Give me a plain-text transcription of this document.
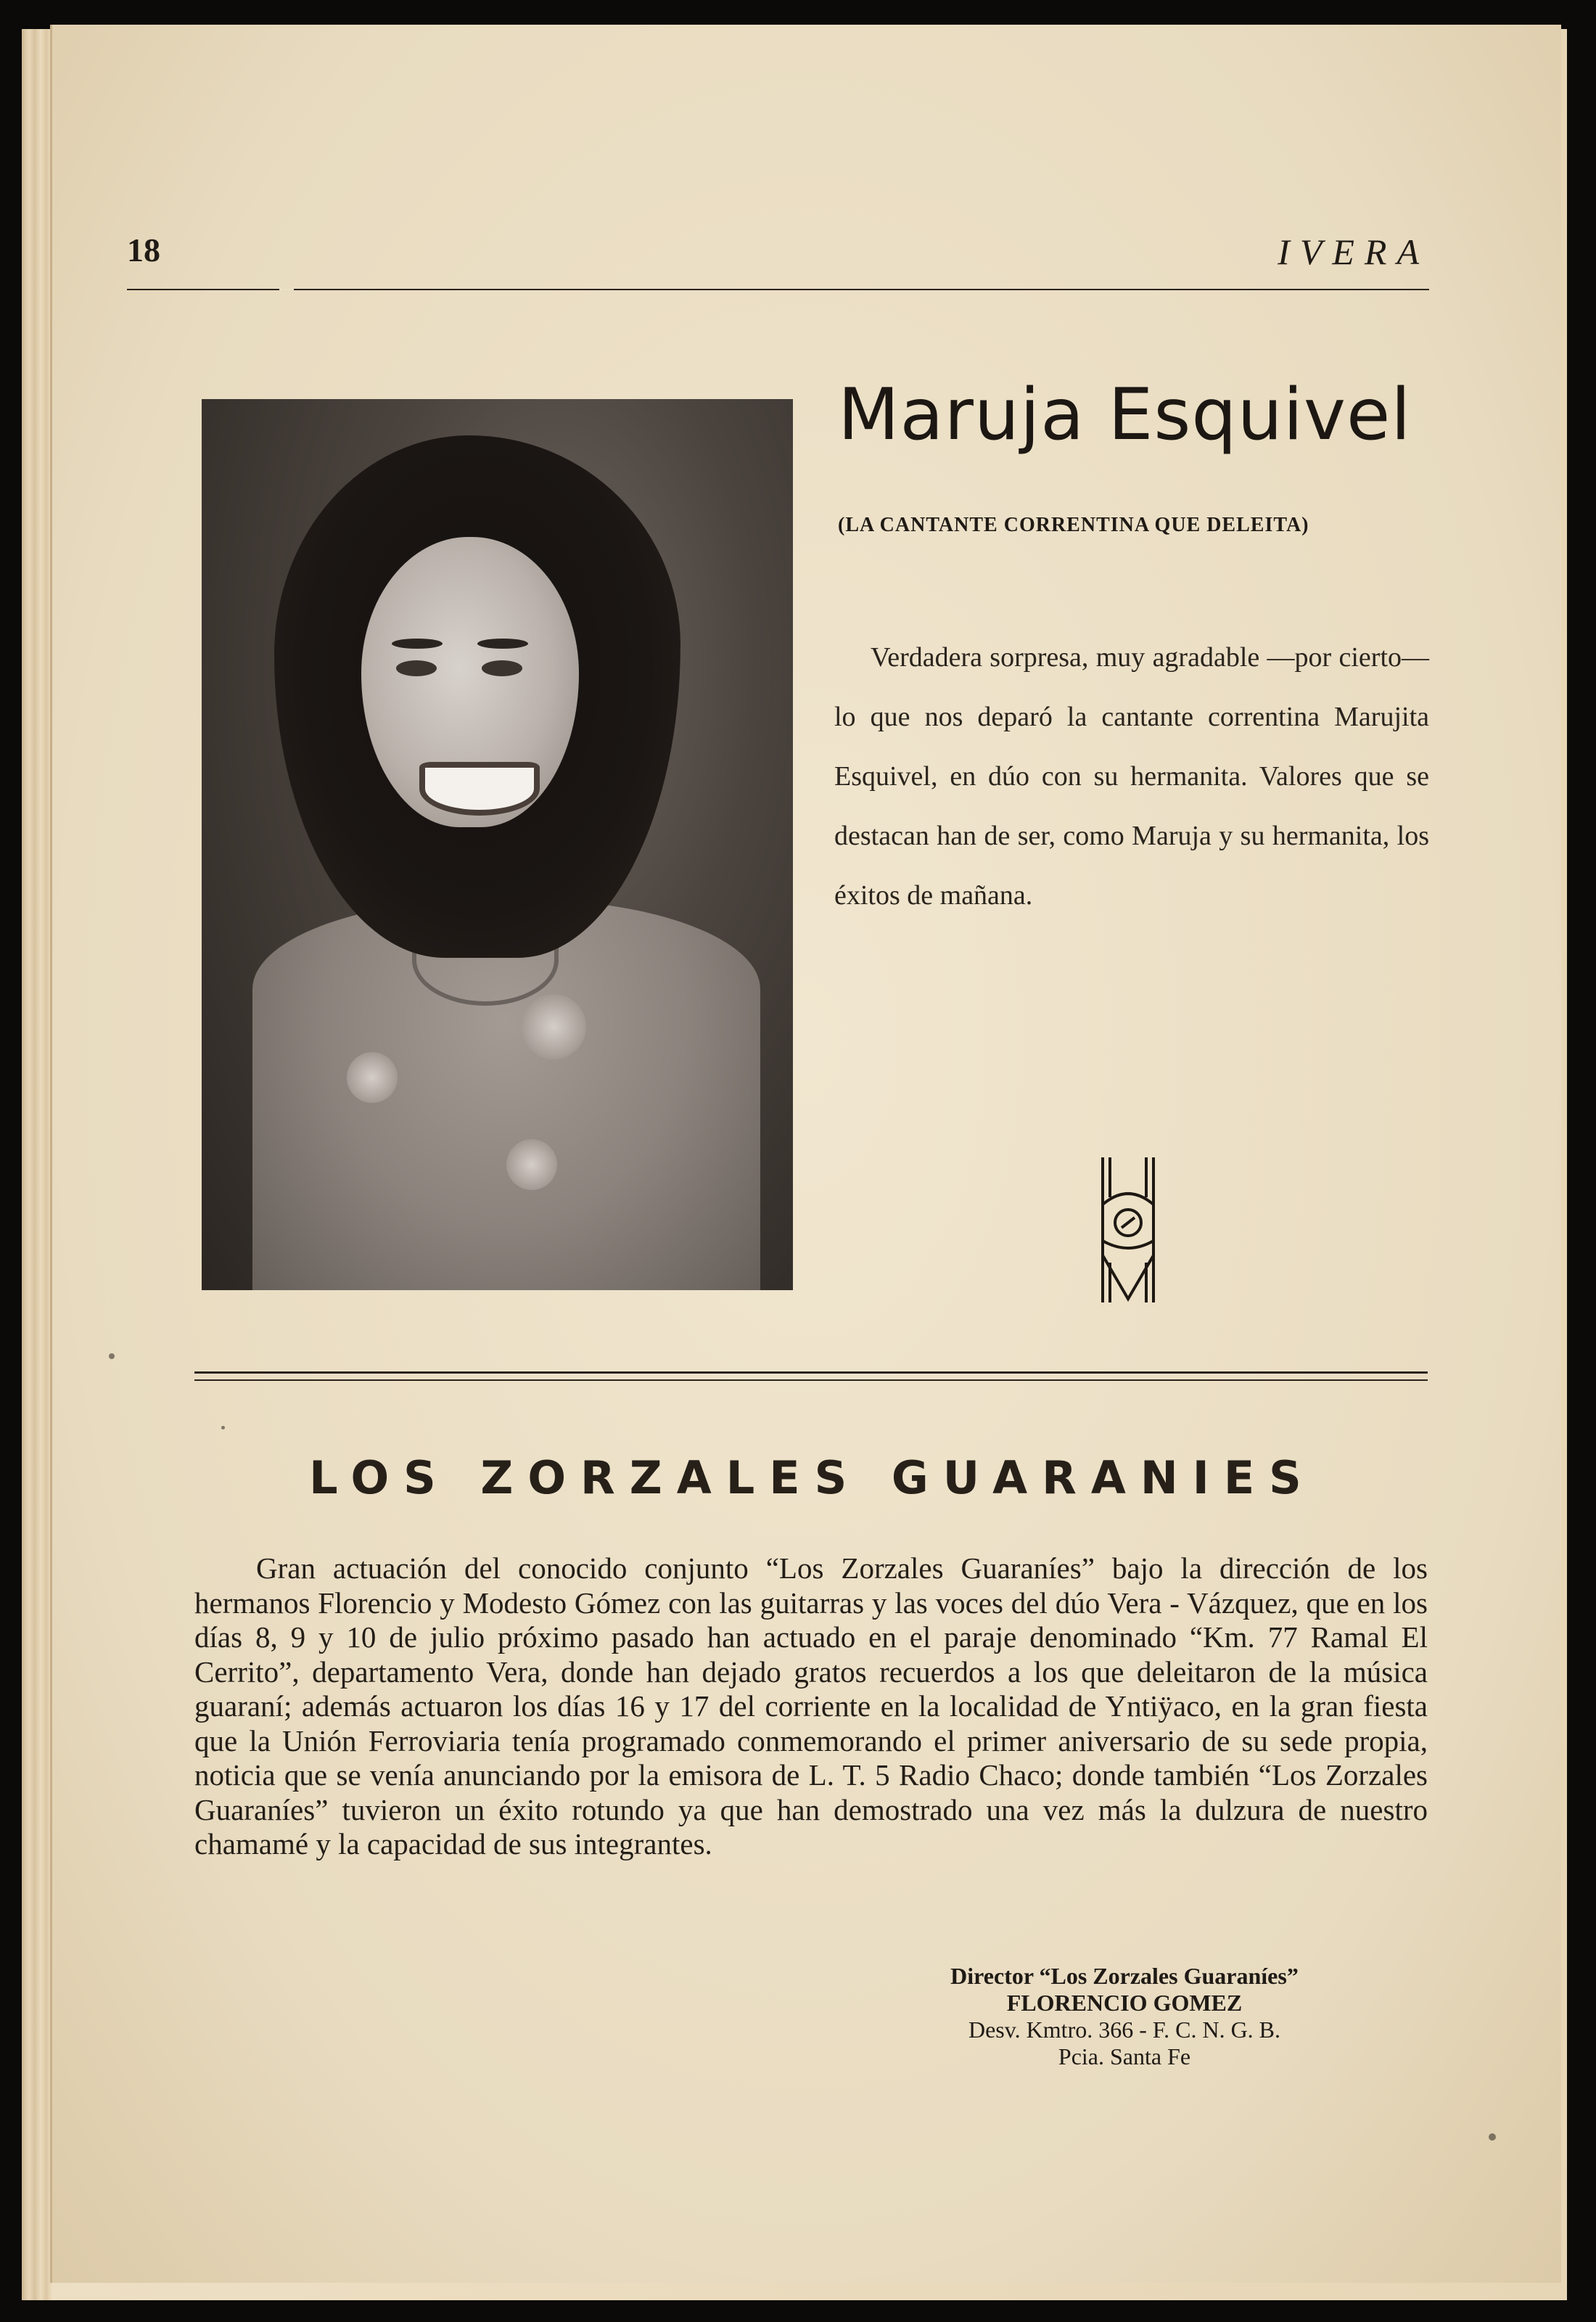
18	IVERA
Maruja Esquivel
(LA CANTANTE CORRENTINA QUE DELEITA)
Verdadera sorpresa, muy agradable —por cierto— lo que nos deparó la cantante correntina Marujita Esquivel, en dúo con su hermanita. Valores que se destacan han de ser, como Maruja y su hermanita, los éxitos de mañana.
LOS ZORZALES GUARANIES
Gran actuación del conocido conjunto “Los Zorzales Guaraníes” bajo la dirección de los hermanos Florencio y Modesto Gómez con las guitarras y las voces del dúo Vera - Vázquez, que en los días 8, 9 y 10 de julio próximo pasado han actuado en el paraje denominado “Km. 77 Ramal El Cerrito”, departamento Vera, donde han dejado gratos recuerdos a los que deleitaron de la música guaraní; además actuaron los días 16 y 17 del corriente en la localidad de Yntiÿaco, en la gran fiesta que la Unión Ferroviaria tenía programado conmemorando el primer aniversario de su sede propia, noticia que se venía anunciando por la emisora de L. T. 5 Radio Chaco; donde también “Los Zorzales Guaraníes” tuvieron un éxito rotundo ya que han demostrado una vez más la dulzura de nuestro chamamé y la capacidad de sus integrantes.
Director “Los Zorzales Guaraníes”
FLORENCIO GOMEZ
Desv. Kmtro. 366 - F. C. N. G. B.
Pcia. Santa Fe
